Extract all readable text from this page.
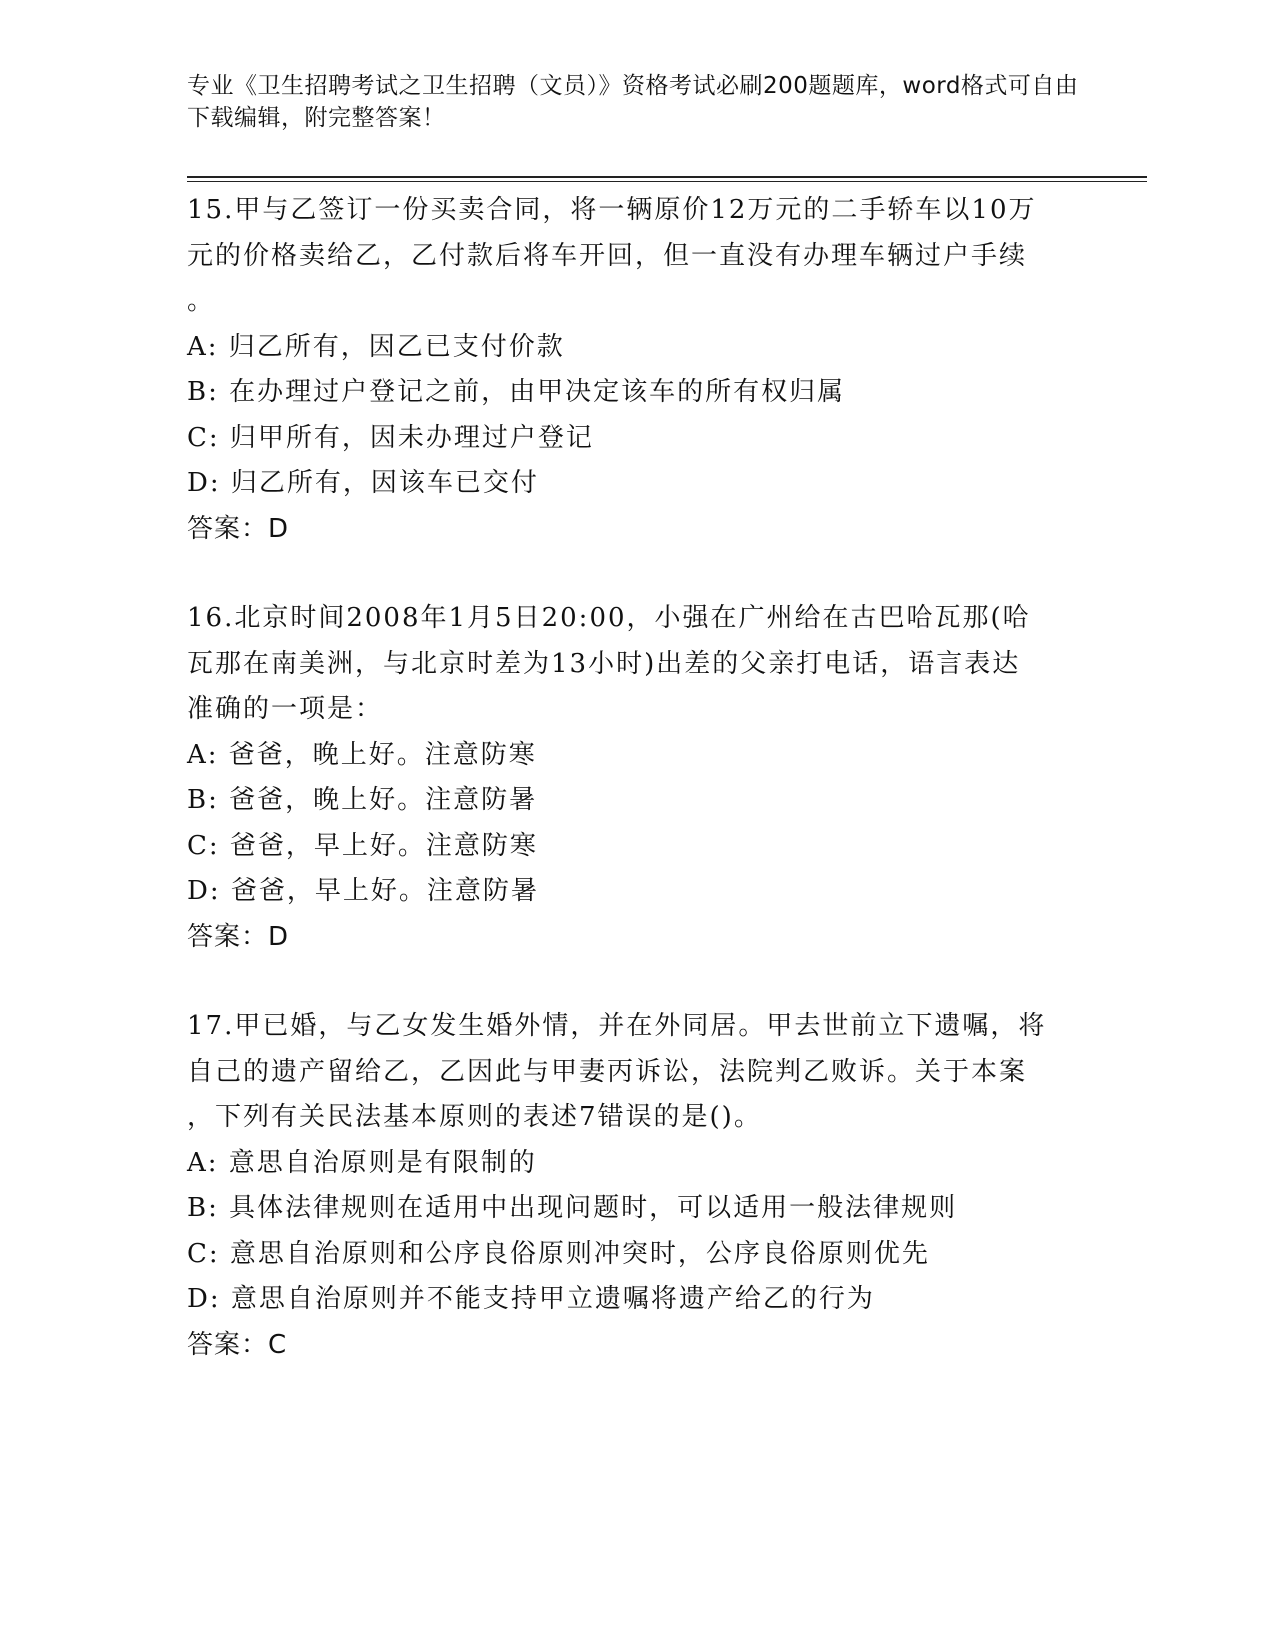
专业《卫生招聘考试之卫生招聘（文员）》资格考试必刷200题题库，word格式可自由下载编辑，附完整答案！

15.甲与乙签订一份买卖合同，将一辆原价12万元的二手轿车以10万

元的价格卖给乙，乙付款后将车开回，但一直没有办理车辆过户手续

。

A: 归乙所有，因乙已支付价款

B: 在办理过户登记之前，由甲决定该车的所有权归属

C: 归甲所有，因未办理过户登记

D: 归乙所有，因该车已交付

答案：D

16.北京时间2008年1月5日20:00，小强在广州给在古巴哈瓦那(哈

瓦那在南美洲，与北京时差为13小时)出差的父亲打电话，语言表达

准确的一项是：

A: 爸爸，晚上好。注意防寒

B: 爸爸，晚上好。注意防暑

C: 爸爸，早上好。注意防寒

D: 爸爸，早上好。注意防暑

答案：D

17.甲已婚，与乙女发生婚外情，并在外同居。甲去世前立下遗嘱，将

自己的遗产留给乙，乙因此与甲妻丙诉讼，法院判乙败诉。关于本案

，下列有关民法基本原则的表述7错误的是()。

A: 意思自治原则是有限制的

B: 具体法律规则在适用中出现问题时，可以适用一般法律规则

C: 意思自治原则和公序良俗原则冲突时，公序良俗原则优先

D: 意思自治原则并不能支持甲立遗嘱将遗产给乙的行为

答案：C
